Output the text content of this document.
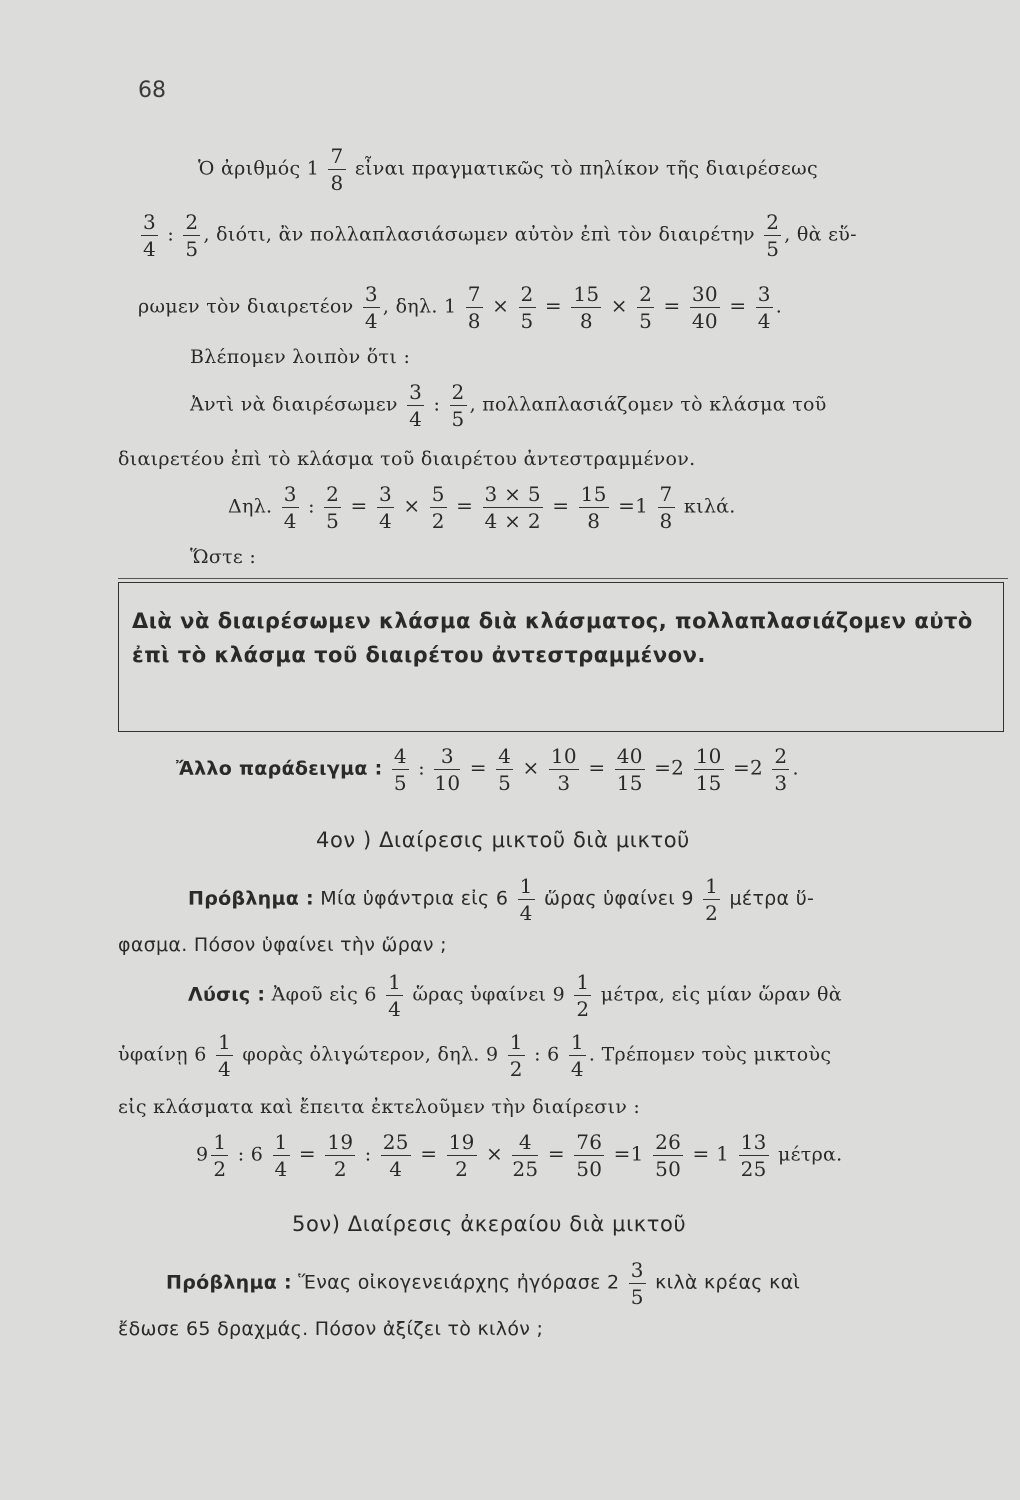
68
Ὁ ἀριθμός $1 \frac{7}{8}$ εἶναι πραγματικῶς τὸ πηλίκον τῆς διαιρέσεως
$\frac{3}{4}$ : $\frac{2}{5}$ , διότι, ἂν πολλαπλασιάσωμεν αὐτὸν ἐπὶ τὸν διαιρέτην $\frac{2}{5}$ , θὰ εὕ-
ρωμεν τὸν διαιρετέον $\frac{3}{4}$ , δηλ. $1 \frac{7}{8} \times \frac{2}{5} = \frac{15}{8} \times \frac{2}{5} = \frac{30}{40} = \frac{3}{4}$ .
Βλέπομεν λοιπὸν ὅτι :
Ἀντὶ νὰ διαιρέσωμεν $\frac{3}{4}$ : $\frac{2}{5}$ , πολλαπλασιάζομεν τὸ κλάσμα τοῦ
διαιρετέου ἐπὶ τὸ κλάσμα τοῦ διαιρέτου ἀντεστραμμένον.
Δηλ. $\frac{3}{4}$ : $\frac{2}{5} = \frac{3}{4} \times \frac{5}{2} = \frac{3 \times 5}{4 \times 2} = \frac{15}{8} =1 \frac{7}{8} \kappa\iota\lambda ά$.
Ὥστε :
Διὰ νὰ διαιρέσωμεν κλάσμα διὰ κλάσματος, πολλαπλασιάζομεν αὐτὸ ἐπὶ τὸ κλάσμα τοῦ διαιρέτου ἀντεστραμμένον.
Ἄλλο παράδειγμα : $\frac{4}{5}$ : $\frac{3}{10} = \frac{4}{5} \times \frac{10}{3} = \frac{40}{15} =2 \frac{10}{15} =2 \frac{2}{3}$ .
4ον ) Διαίρεσις μικτοῦ διὰ μικτοῦ
Πρόβλημα : Μία ὑφάντρια εἰς $6 \frac{1}{4}$ ὥρας ὑφαίνει $9 \frac{1}{2}$ μέτρα ὕ-
φασμα. Πόσον ὑφαίνει τὴν ὥραν ;
Λύσις : Ἀφοῦ εἰς $6 \frac{1}{4}$ ὥρας ὑφαίνει $9 \frac{1}{2} \mu έ\tau\rho\alpha$, εἰς μίαν ὥραν θὰ
ὑφαίνῃ $6 \frac{1}{4}$ φορὰς ὀλιγώτερον, δηλ. $9 \frac{1}{2}$ : $6 \frac{1}{4}$ . Τρέπομεν τοὺς μικτοὺς
εἰς κλάσματα καὶ ἔπειτα ἐκτελοῦμεν τὴν διαίρεσιν :
$9 \frac{1}{2}$ : $6 \frac{1}{4} = \frac{19}{2}$ : $\frac{25}{4} = \frac{19}{2} \times \frac{4}{25} = \frac{76}{50} =1 \frac{26}{50} = 1 \frac{13}{25} \mu έ\tau\rho\alpha$.
5ον) Διαίρεσις ἀκεραίου διὰ μικτοῦ
Πρόβλημα : Ἕνας οἰκογενειάρχης ἠγόρασε $2 \frac{3}{5}$ κιλὰ κρέας καὶ
ἔδωσε 65 δραχμάς. Πόσον ἀξίζει τὸ κιλόν ;
